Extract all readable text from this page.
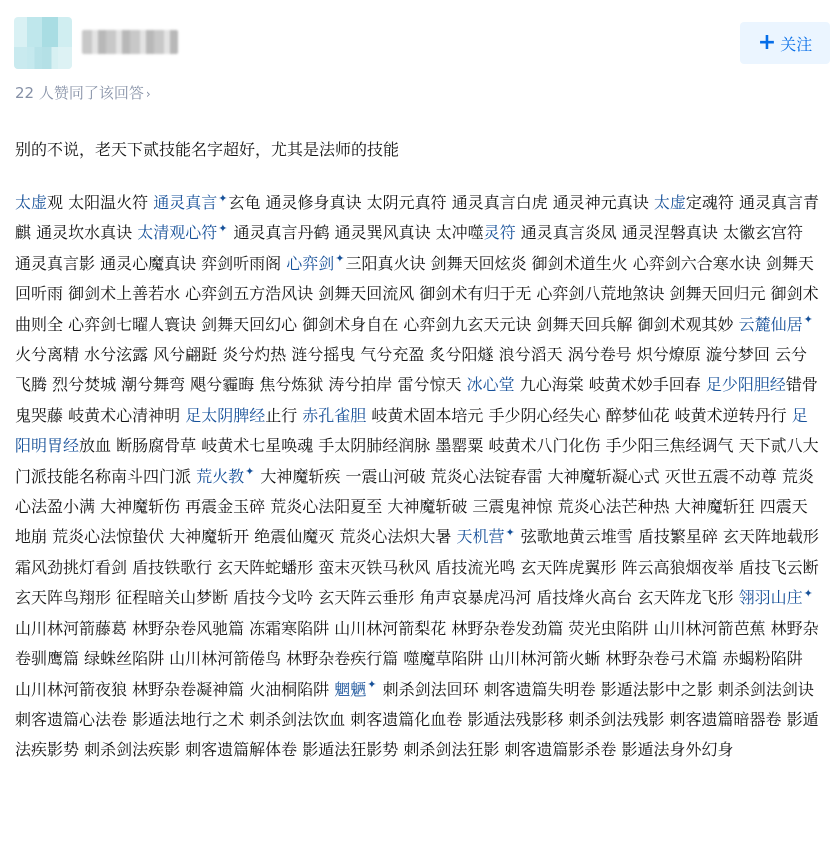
+ 关注
22 人赞同了该回答 ›
别的不说，老天下贰技能名字超好，尤其是法师的技能
太虚观 太阳温火符 通灵真言✦玄龟 通灵修身真诀 太阴元真符 通灵真言白虎 通灵神元真诀 太虚定魂符 通灵真言青麒 通灵坎水真诀 太清观心符✦ 通灵真言丹鹤 通灵巽风真诀 太冲噬灵符 通灵真言炎凤 通灵涅磐真诀 太徽玄宫符 通灵真言影 通灵心魔真诀 弈剑听雨阁 心弈剑✦三阳真火诀 剑舞天回炫炎 御剑术道生火 心弈剑六合寒水诀 剑舞天回听雨 御剑术上善若水 心弈剑五方浩风诀 剑舞天回流风 御剑术有归于无 心弈剑八荒地煞诀 剑舞天回归元 御剑术曲则全 心弈剑七曜人寰诀 剑舞天回幻心 御剑术身自在 心弈剑九玄天元诀 剑舞天回兵解 御剑术观其妙 云麓仙居✦ 火兮离精 水兮泫露 风兮翩跹 炎兮灼热 涟兮摇曳 气兮充盈 炙兮阳燧 浪兮滔天 涡兮卷号 炽兮燎原 漩兮梦回 云兮飞腾 烈兮焚城 潮兮舞弯 飓兮霾晦 焦兮炼狱 涛兮拍岸 雷兮惊天 冰心堂 九心海棠 岐黄术妙手回春 足少阳胆经错骨 鬼哭藤 岐黄术心清神明 足太阴脾经止行 赤孔雀胆 岐黄术固本培元 手少阴心经失心 醉梦仙花 岐黄术逆转丹行 足阳明胃经放血 断肠腐骨草 岐黄术七星唤魂 手太阴肺经润脉 墨罂粟 岐黄术八门化伤 手少阳三焦经调气 天下贰八大门派技能名称南斗四门派 荒火教✦ 大神魔斩疾 一震山河破 荒炎心法锭春雷 大神魔斩凝心式 灭世五震不动尊 荒炎心法盈小满 大神魔斩伤 再震金玉碎 荒炎心法阳夏至 大神魔斩破 三震鬼神惊 荒炎心法芒种热 大神魔斩狂 四震天地崩 荒炎心法惊蛰伏 大神魔斩开 绝震仙魔灭 荒炎心法炽大暑 天机营✦ 弦歌地黄云堆雪 盾技繁星碎 玄天阵地载形 霜风劲挑灯看剑 盾技铁歌行 玄天阵蛇蟠形 蛮末灭铁马秋风 盾技流光鸣 玄天阵虎翼形 阵云高狼烟夜举 盾技飞云断 玄天阵鸟翔形 征程暗关山梦断 盾技今戈吟 玄天阵云垂形 角声哀暴虎冯河 盾技烽火高台 玄天阵龙飞形 翎羽山庄✦ 山川林河箭藤葛 林野杂卷风驰篇 冻霜寒陷阱 山川林河箭梨花 林野杂卷发劲篇 荧光虫陷阱 山川林河箭芭蕉 林野杂卷驯鹰篇 绿蛛丝陷阱 山川林河箭倦鸟 林野杂卷疾行篇 噬魔草陷阱 山川林河箭火蜥 林野杂卷弓术篇 赤蝎粉陷阱 山川林河箭夜狼 林野杂卷凝神篇 火油桐陷阱 魍魉✦ 刺杀剑法回环 刺客遗篇失明卷 影遁法影中之影 刺杀剑法剑诀 刺客遗篇心法卷 影遁法地行之术 刺杀剑法饮血 刺客遗篇化血卷 影遁法残影移 刺杀剑法残影 刺客遗篇暗器卷 影遁法疾影势 刺杀剑法疾影 刺客遗篇解体卷 影遁法狂影势 刺杀剑法狂影 刺客遗篇影杀卷 影遁法身外幻身
